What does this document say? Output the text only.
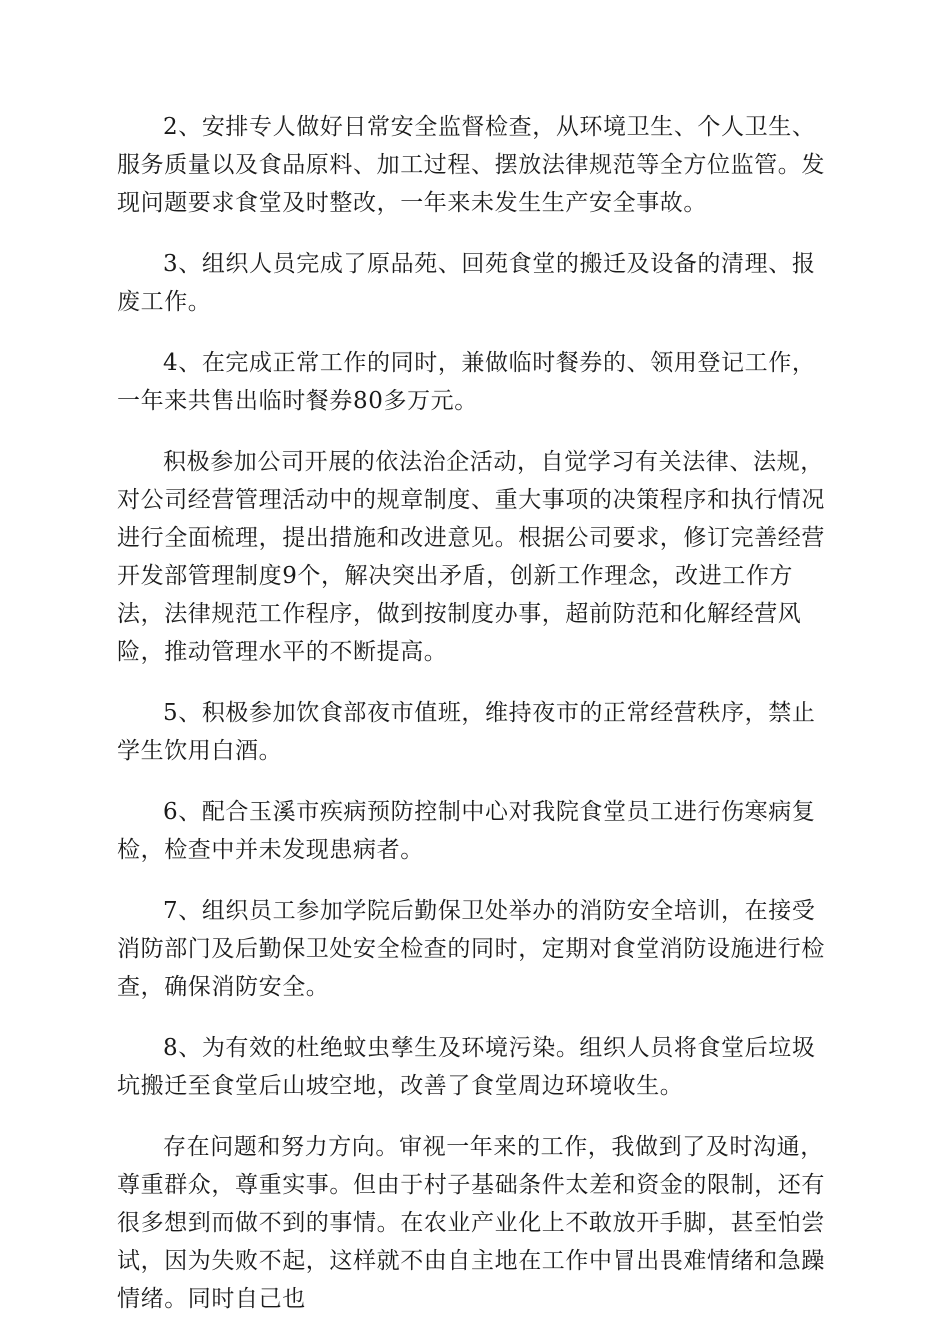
2、安排专人做好日常安全监督检查，从环境卫生、个人卫生、服务质量以及食品原料、加工过程、摆放法律规范等全方位监管。发现问题要求食堂及时整改，一年来未发生生产安全事故。

3、组织人员完成了原品苑、回苑食堂的搬迁及设备的清理、报废工作。

4、在完成正常工作的同时，兼做临时餐券的、领用登记工作，一年来共售出临时餐券80多万元。

积极参加公司开展的依法治企活动，自觉学习有关法律、法规，对公司经营管理活动中的规章制度、重大事项的决策程序和执行情况进行全面梳理，提出措施和改进意见。根据公司要求，修订完善经营开发部管理制度9个，解决突出矛盾，创新工作理念，改进工作方法，法律规范工作程序，做到按制度办事，超前防范和化解经营风险，推动管理水平的不断提高。

5、积极参加饮食部夜市值班，维持夜市的正常经营秩序，禁止学生饮用白酒。

6、配合玉溪市疾病预防控制中心对我院食堂员工进行伤寒病复检，检查中并未发现患病者。

7、组织员工参加学院后勤保卫处举办的消防安全培训，在接受消防部门及后勤保卫处安全检查的同时，定期对食堂消防设施进行检查，确保消防安全。

8、为有效的杜绝蚊虫孳生及环境污染。组织人员将食堂后垃圾坑搬迁至食堂后山坡空地，改善了食堂周边环境收生。

存在问题和努力方向。审视一年来的工作，我做到了及时沟通，尊重群众，尊重实事。但由于村子基础条件太差和资金的限制，还有很多想到而做不到的事情。在农业产业化上不敢放开手脚，甚至怕尝试，因为失败不起，这样就不由自主地在工作中冒出畏难情绪和急躁情绪。同时自己也
